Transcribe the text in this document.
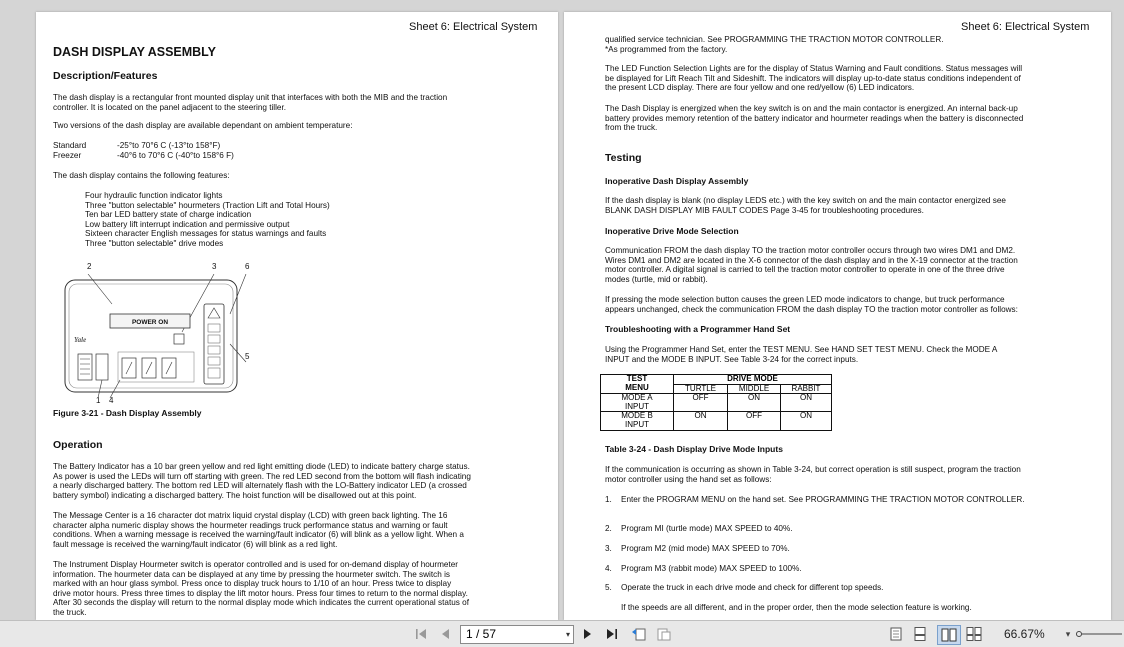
Sheet 6: Electrical System

DASH DISPLAY ASSEMBLY

Description/Features

The dash display is a rectangular front mounted display unit that interfaces with both the MIB and the traction
controller. It is located on the panel adjacent to the steering tiller.

Two versions of the dash display are available dependant on ambient temperature:

Standard	-25°to 70°6 C (-13°to 158°F)

Freezer	-40°6 to 70°6 C (-40°to 158°6 F)

The dash display contains the following features:

Four hydraulic function indicator lights
Three "button selectable" hourmeters (Traction Lift and Total Hours)
Ten bar LED battery state of charge indication
Low battery lift interrupt indication and permissive output
Sixteen character English messages for status warnings and faults
Three "button selectable" drive modes
2	3	6
5
1 4
POWER ON
Yale

Figure 3-21 - Dash Display Assembly

Operation

The Battery Indicator has a 10 bar green yellow and red light emitting diode (LED) to indicate battery charge status.
As power is used the LEDs will turn off starting with green. The red LED second from the bottom will flash indicating
a nearly discharged battery. The bottom red LED will alternately flash with the LO-Battery indicator LED (a crossed
battery symbol) indicating a discharged battery. The hoist function will be disallowed out at this point.
The Message Center is a 16 character dot matrix liquid crystal display (LCD) with green back lighting. The 16
character alpha numeric display shows the hourmeter readings truck performance status and warning or fault
conditions. When a warning message is received the warning/fault indicator (6) will blink as a yellow light. When a
fault message is received the warning/fault indicator (6) will blink as a red light.
The Instrument Display Hourmeter switch is operator controlled and is used for on-demand display of hourmeter
information. The hourmeter data can be displayed at any time by pressing the hourmeter switch. The switch is
marked with an hour glass symbol. Press once to display truck hours to 1/10 of an hour. Press twice to display
drive motor hours. Press three times to display the lift motor hours. Press four times to return to the normal display.
After 30 seconds the display will return to the normal display mode which indicates the current operational status of
the truck.

Sheet 6: Electrical System

qualified service technician. See PROGRAMMING THE TRACTION MOTOR CONTROLLER.
*As programmed from the factory.
The LED Function Selection Lights are for the display of Status Warning and Fault conditions. Status messages will
be displayed for Lift Reach Tilt and Sideshift. The indicators will display up-to-date status conditions independent of
the present LCD display. There are four yellow and one red/yellow (6) LED indicators.
The Dash Display is energized when the key switch is on and the main contactor is energized. An internal back-up
battery provides memory retention of the battery indicator and hourmeter readings when the battery is disconnected
from the truck.

Testing

Inoperative Dash Display Assembly

If the dash display is blank (no display LEDS etc.) with the key switch on and the main contactor energized see
BLANK DASH DISPLAY MIB FAULT CODES Page 3-45 for troubleshooting procedures.

Inoperative Drive Mode Selection

Communication FROM the dash display TO the traction motor controller occurs through two wires DM1 and DM2.
Wires DM1 and DM2 are located in the X-6 connector of the dash display and in the X-19 connector at the traction
motor controller. A digital signal is carried to tell the traction motor controller to operate in one of the three drive
modes (turtle, mid or rabbit).
If pressing the mode selection button causes the green LED mode indicators to change, but truck performance
appears unchanged, check the communication FROM the dash display TO the traction motor controller as follows:

Troubleshooting with a Programmer Hand Set

Using the Programmer Hand Set, enter the TEST MENU. See HAND SET TEST MENU. Check the MODE A
INPUT and the MODE B INPUT. See Table 3-24 for the correct inputs.
TEST
MENU	DRIVE MODE		
	TURTLE	MIDDLE	RABBIT

MODE A
INPUT	OFF	ON	ON

MODE B
INPUT	ON	OFF	ON

Table 3-24 - Dash Display Drive Mode Inputs

If the communication is occurring as shown in Table 3-24, but correct operation is still suspect, program the traction
motor controller using the hand set as follows:
1. Enter the PROGRAM MENU on the hand set. See PROGRAMMING THE TRACTION MOTOR CONTROLLER.
2. Program MI (turtle mode) MAX SPEED to 40%.
3. Program M2 (mid mode) MAX SPEED to 70%.
4. Program M3 (rabbit mode) MAX SPEED to 100%.
5. Operate the truck in each drive mode and check for different top speeds.

If the speeds are all different, and in the proper order, then the mode selection feature is working.

1 / 57	▾	66.67%	▾
